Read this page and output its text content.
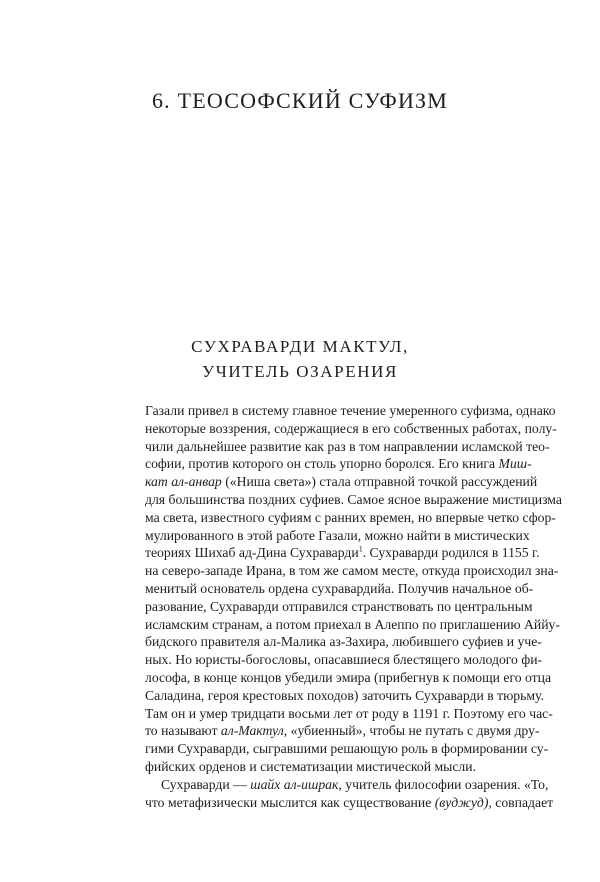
6. ТЕОСОФСКИЙ СУФИЗМ
СУХРАВАРДИ МАКТУЛ,
УЧИТЕЛЬ ОЗАРЕНИЯ
Газали привел в систему главное течение умеренного суфизма, однако
некоторые воззрения, содержащиеся в его собственных работах, полу-
чили дальнейшее развитие как раз в том направлении исламской тео-
софии, против которого он столь упорно боролся. Его книга Миш-
кат ал-анвар («Ниша света») стала отправной точкой рассуждений
для большинства поздних суфиев. Самое ясное выражение мистицизма
ма света, известного суфиям с ранних времен, но впервые четко сфор-
мулированного в этой работе Газали, можно найти в мистических
теориях Шихаб ад-Дина Сухраварди$^1$. Сухраварди родился в 1155 г.
на северо-западе Ирана, в том же самом месте, откуда происходил зна-
менитый основатель ордена сухравардийа. Получив начальное об-
разование, Сухраварди отправился странствовать по центральным
исламским странам, а потом приехал в Алеппо по приглашению Аййу-
бидского правителя ал-Малика аз-Захира, любившего суфиев и уче-
ных. Но юристы-богословы, опасавшиеся блестящего молодого фи-
лософа, в конце концов убедили эмира (прибегнув к помощи его отца
Саладина, героя крестовых походов) заточить Сухраварди в тюрьму.
Там он и умер тридцати восьми лет от роду в 1191 г. Поэтому его час-
то называют ал-Мактул, «убиенный», чтобы не путать с двумя дру-
гими Сухраварди, сыгравшими решающую роль в формировании су-
фийских орденов и систематизации мистической мысли.
Сухраварди — шайх ал-ишрак, учитель философии озарения. «То,
что метафизически мыслится как существование (вуджуд), совпадает
